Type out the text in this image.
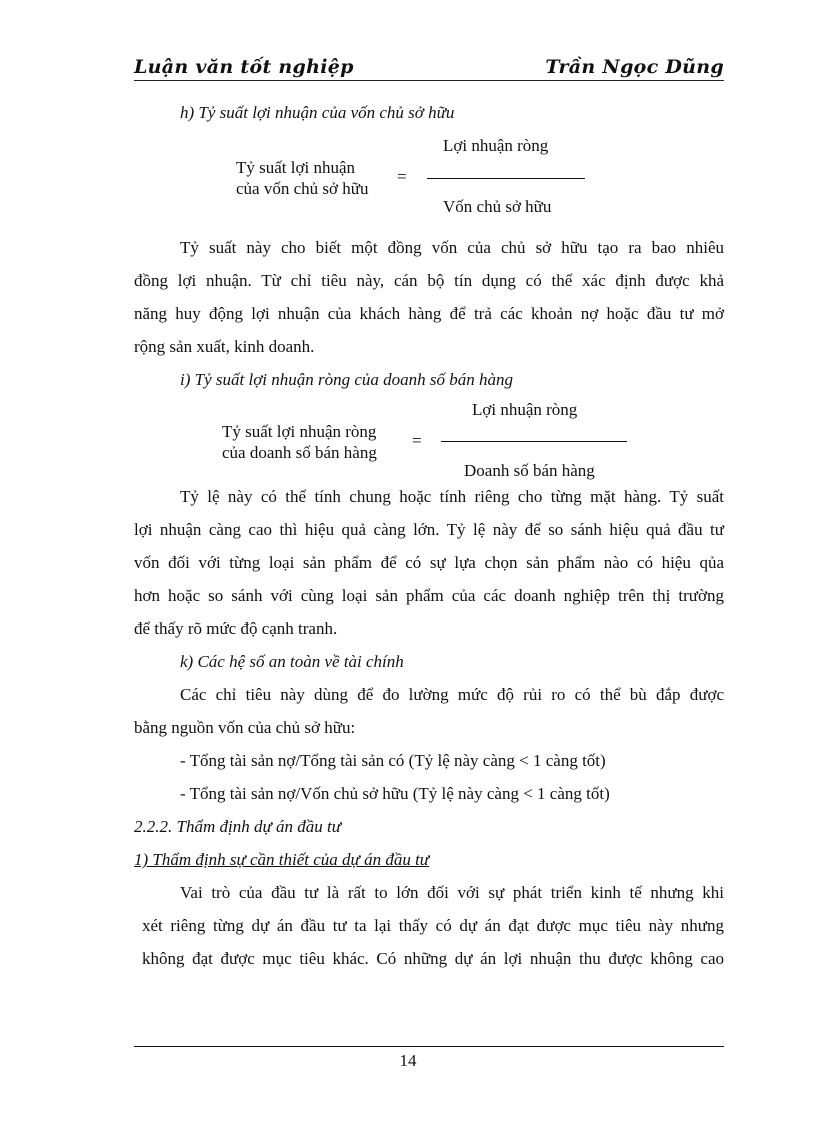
Luận văn tốt nghiệp	Trần Ngọc Dũng
h) Tỷ suất lợi nhuận của vốn chủ sở hữu
Tỷ suất lợi nhuận
của vốn chủ sở hữu
=
Lợi nhuận ròng
Vốn chủ sở hữu
Tỷ suất này cho biết một đồng vốn của chủ sở hữu tạo ra bao nhiêu
đồng lợi nhuận. Từ chỉ tiêu này, cán bộ tín dụng có thể xác định được khả
năng huy động lợi nhuận của khách hàng để trả các khoản nợ hoặc đầu tư mở
rộng sản xuất, kinh doanh.
i) Tỷ suất lợi nhuận ròng của doanh số bán hàng
Tỷ suất lợi nhuận ròng
của doanh số bán hàng
=
Lợi nhuận ròng
Doanh số bán hàng
Tỷ lệ này có thể tính chung hoặc tính riêng cho từng mặt hàng. Tỷ suất
lợi nhuận càng cao thì hiệu quả càng lớn. Tỷ lệ này để so sánh hiệu quả đầu tư
vốn đối với từng loại sản phẩm để có sự lựa chọn sản phẩm nào có hiệu qủa
hơn hoặc so sánh với cùng loại sản phẩm của các doanh nghiệp trên thị trường
để thấy rõ mức độ cạnh tranh.
k) Các hệ số an toàn về tài chính
Các chỉ tiêu này dùng để đo lường mức độ rủi ro có thể bù đắp được
bằng nguồn vốn của chủ sở hữu:
- Tổng tài sản nợ/Tổng tài sản có (Tỷ lệ này càng < 1 càng tốt)
- Tổng tài sản nợ/Vốn chủ sở hữu (Tỷ lệ này càng < 1 càng tốt)
2.2.2. Thẩm định dự án đầu tư
1) Thẩm định sự cần thiết của dự án đầu tư
Vai trò của đầu tư là rất to lớn đối với sự phát triển kinh tế nhưng khi
xét riêng từng dự án đầu tư ta lại thấy có dự án đạt được mục tiêu này nhưng
không đạt được mục tiêu khác. Có những dự án lợi nhuận thu được không cao
14
